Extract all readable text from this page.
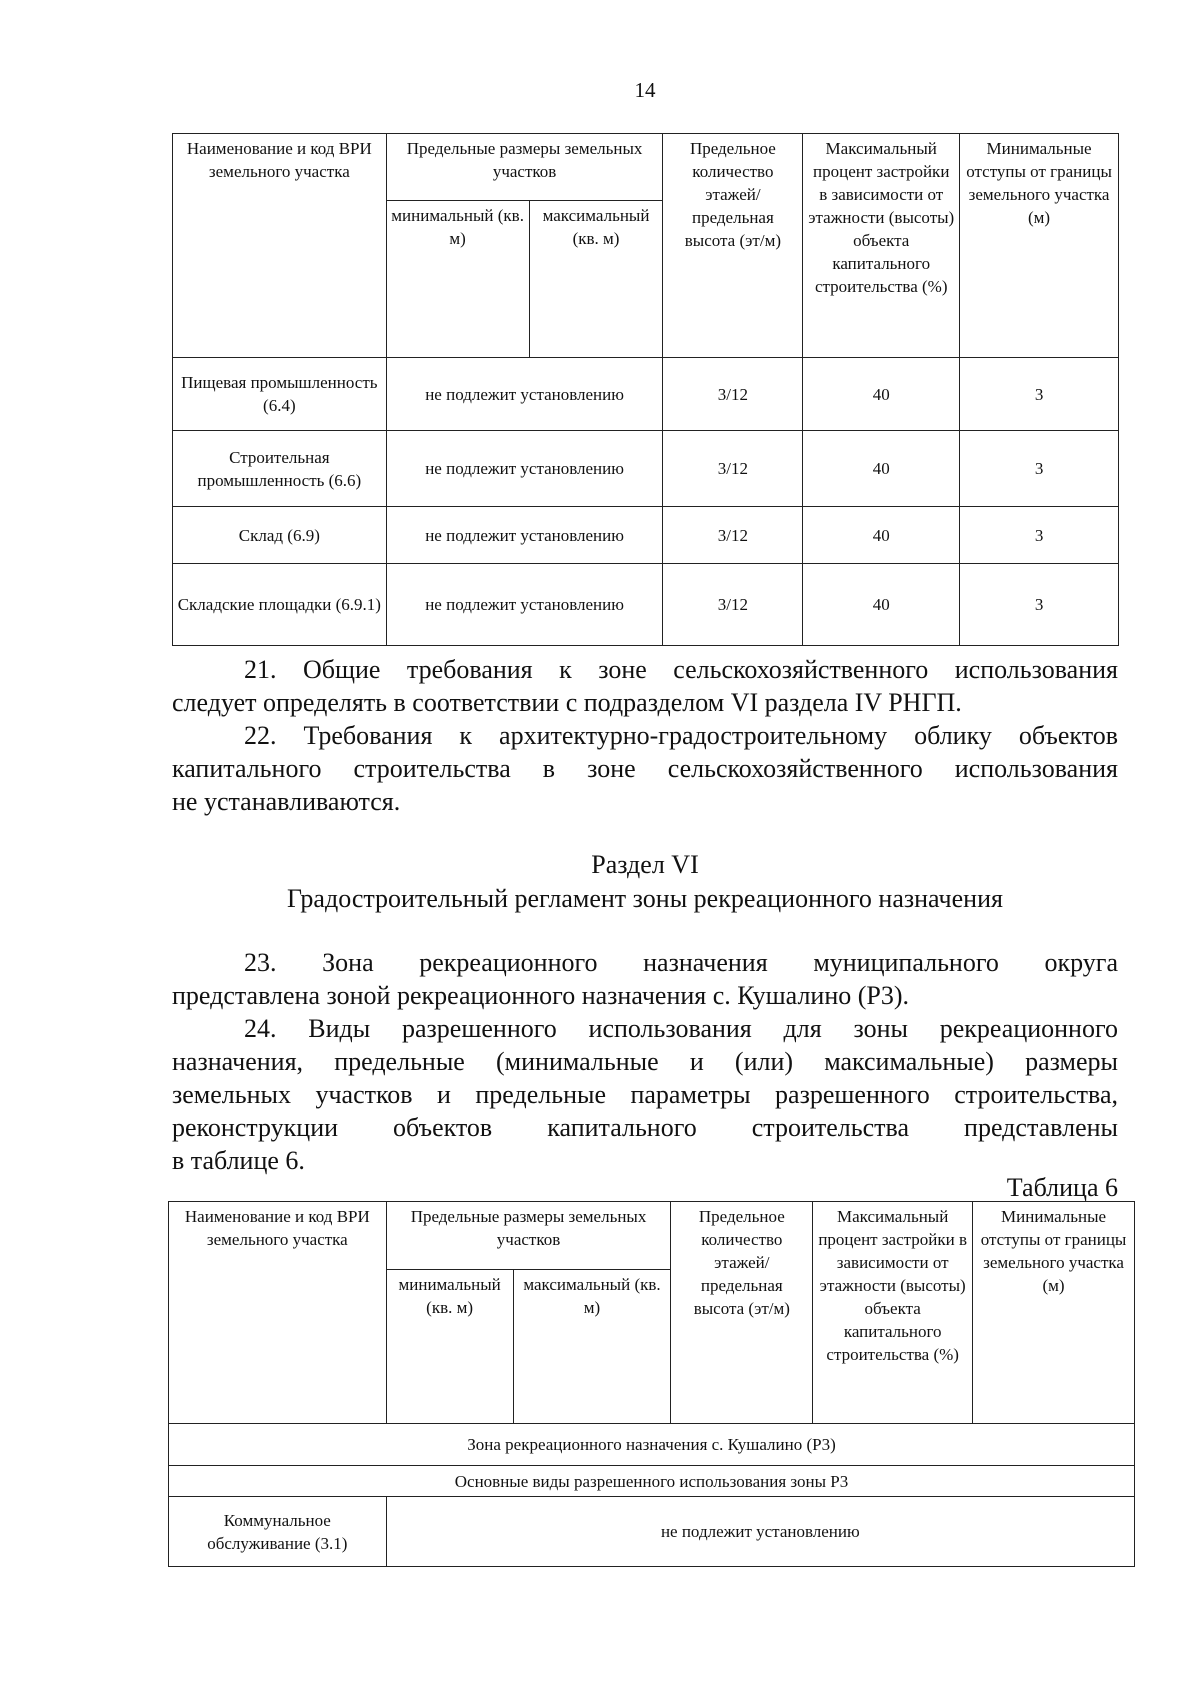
14
Наименование и код ВРИ земельного участка	Предельные размеры земельных участков		Предельное количество этажей/ предельная высота (эт/м)	Максимальный процент застройки в зависимости от этажности (высоты) объекта капитального строительства (%)	Минимальные отступы от границы земельного участка (м)
	минимальный (кв. м)	максимальный (кв. м)			
Пищевая промышленность (6.4)	не подлежит установлению		3/12	40	3
Строительная промышленность (6.6)	не подлежит установлению		3/12	40	3
Склад (6.9)	не подлежит установлению		3/12	40	3
Складские площадки (6.9.1)	не подлежит установлению		3/12	40	3
21. Общие требования к зоне сельскохозяйственного использования
следует определять в соответствии с подразделом VI раздела IV РНГП.
22. Требования к архитектурно-градостроительному облику объектов
капитального строительства в зоне сельскохозяйственного использования
не устанавливаются.
Раздел VI
Градостроительный регламент зоны рекреационного назначения
23. Зона рекреационного назначения муниципального округа
представлена зоной рекреационного назначения с. Кушалино (Р3).
24. Виды разрешенного использования для зоны рекреационного
назначения, предельные (минимальные и (или) максимальные) размеры
земельных участков и предельные параметры разрешенного строительства,
реконструкции объектов капитального строительства представлены
в таблице 6.
Таблица 6
Наименование и код ВРИ земельного участка	Предельные размеры земельных участков		Предельное количество этажей/ предельная высота (эт/м)	Максимальный процент застройки в зависимости от этажности (высоты) объекта капитального строительства (%)	Минимальные отступы от границы земельного участка (м)
	минимальный (кв. м)	максимальный (кв. м)			
Зона рекреационного назначения с. Кушалино (Р3)					
Основные виды разрешенного использования зоны Р3					
Коммунальное обслуживание (3.1)	не подлежит установлению				
